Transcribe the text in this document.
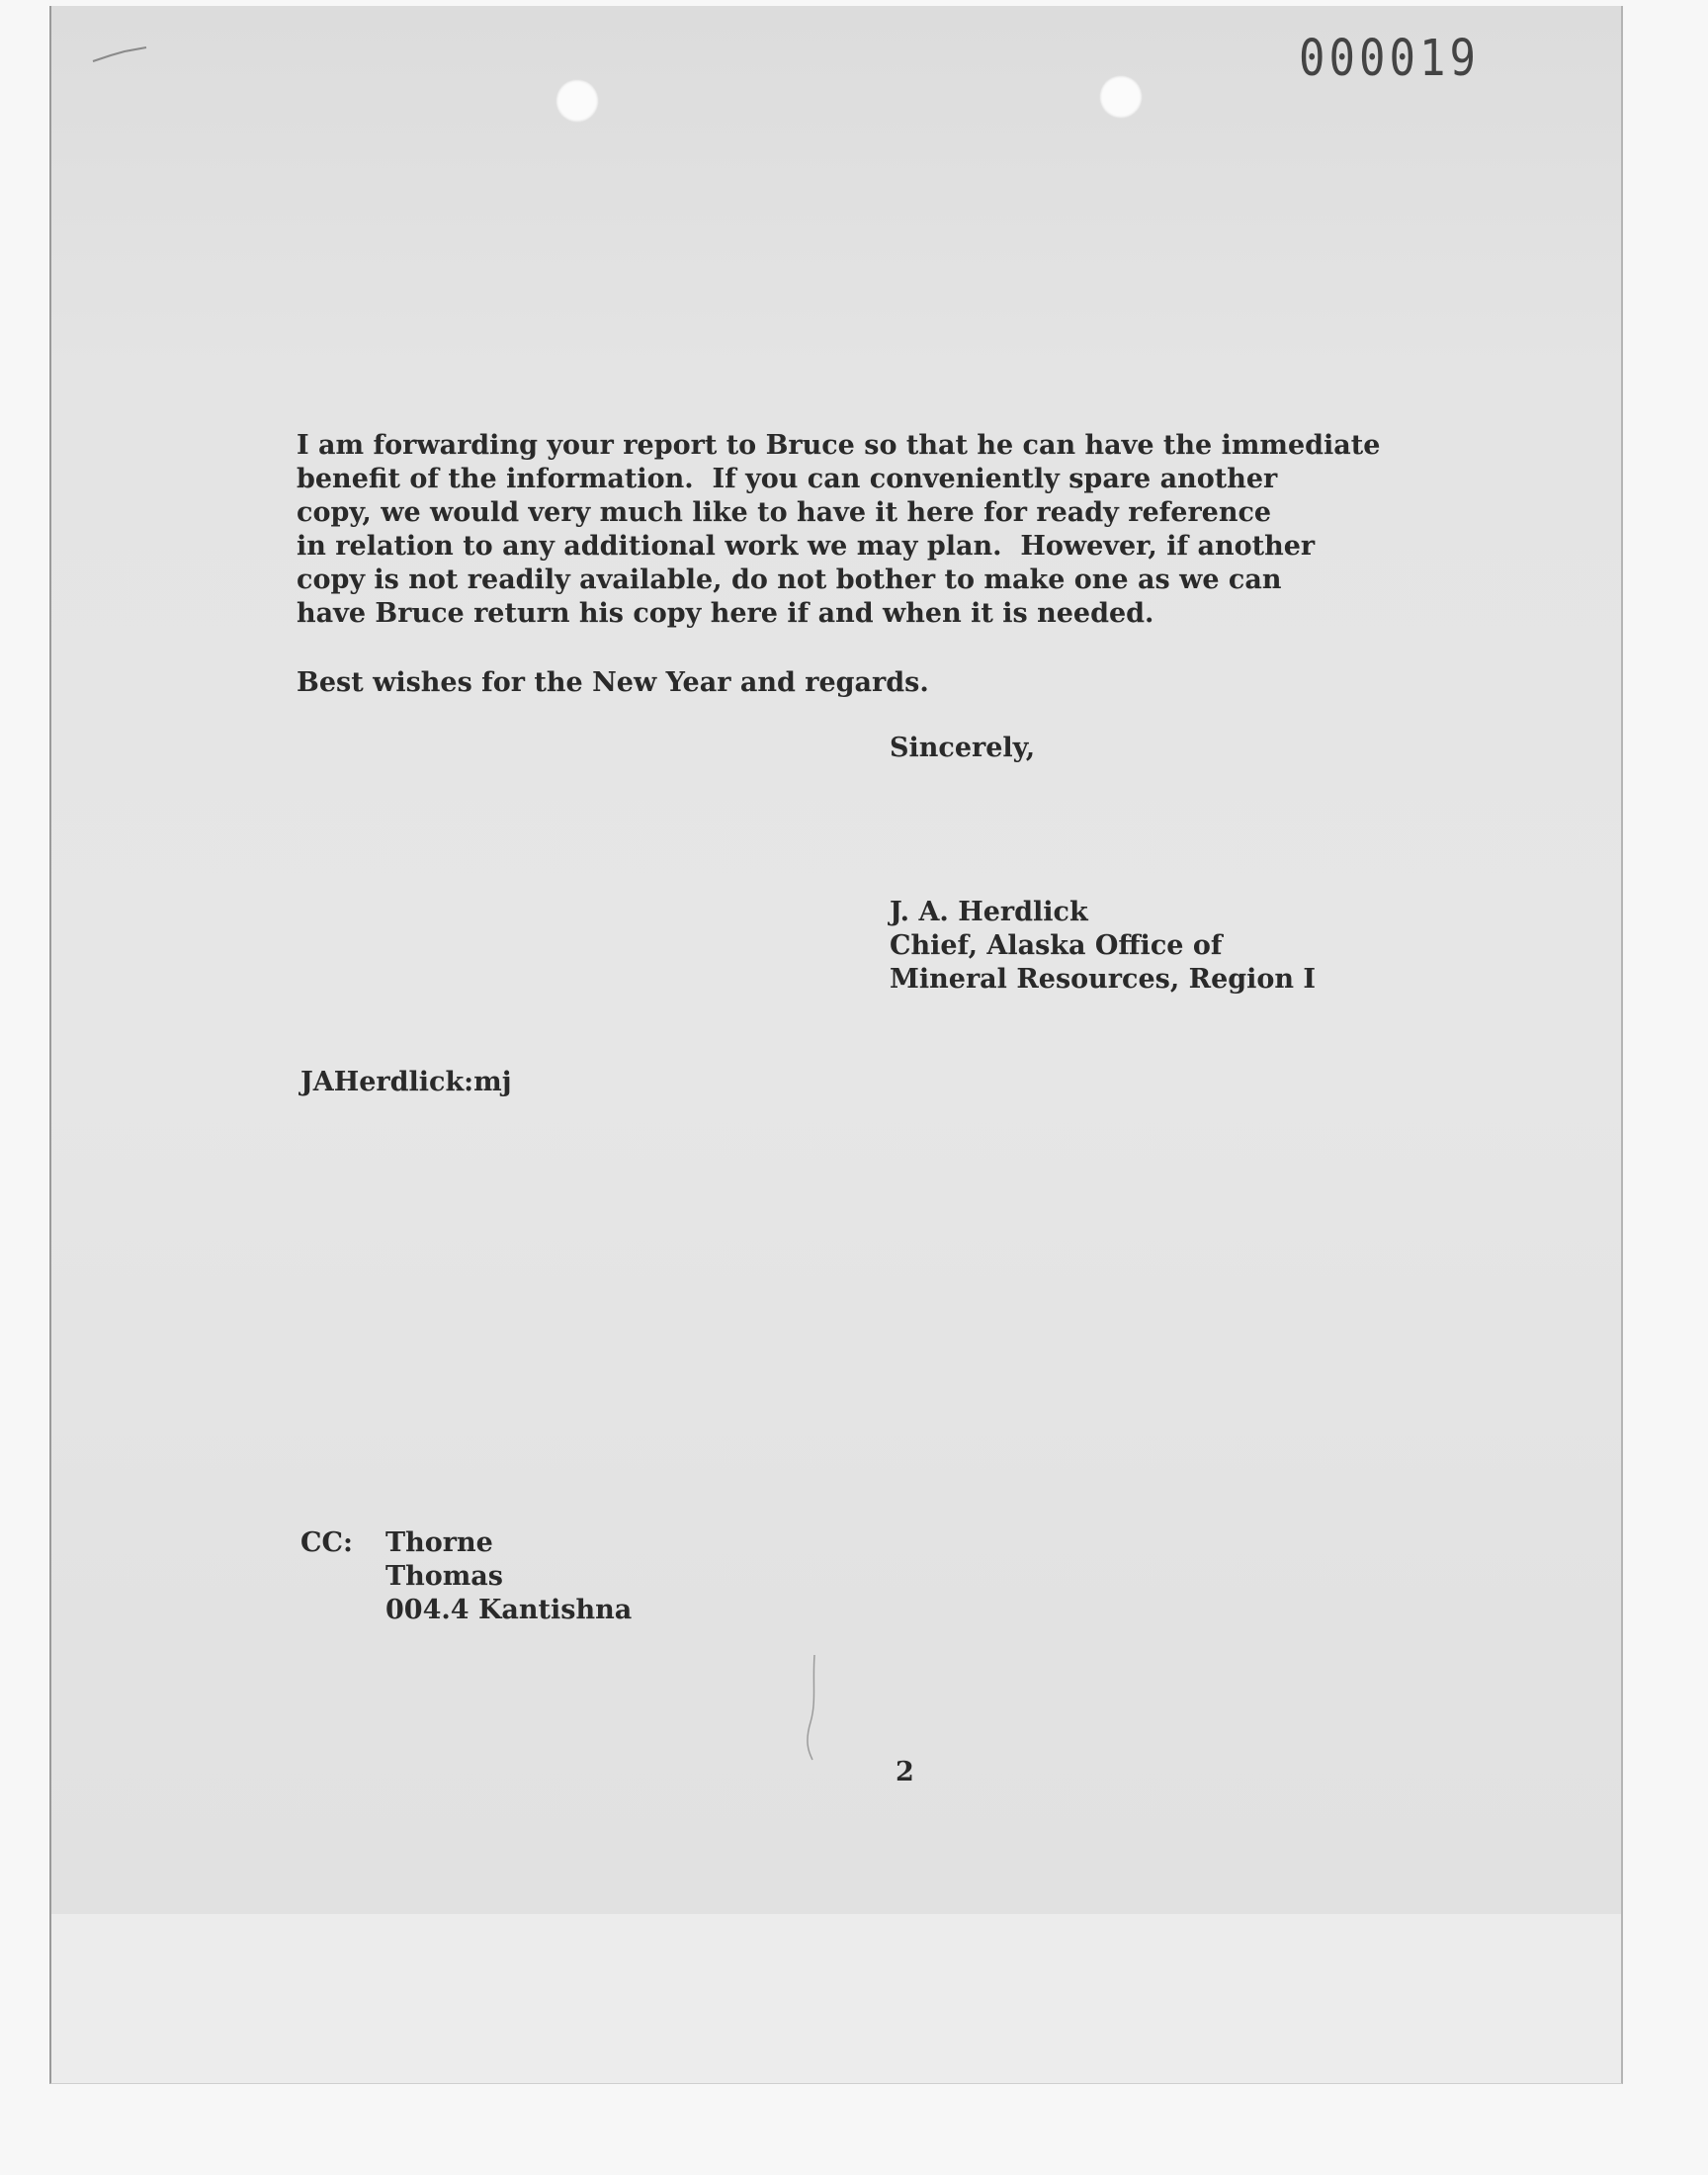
000019
I am forwarding your report to Bruce so that he can have the immediate
benefit of the information.  If you can conveniently spare another
copy, we would very much like to have it here for ready reference
in relation to any additional work we may plan.  However, if another
copy is not readily available, do not bother to make one as we can
have Bruce return his copy here if and when it is needed.
Best wishes for the New Year and regards.
Sincerely,
J. A. Herdlick
Chief, Alaska Office of
Mineral Resources, Region I
JAHerdlick:mj
CC: Thorne
Thomas
004.4 Kantishna
2
